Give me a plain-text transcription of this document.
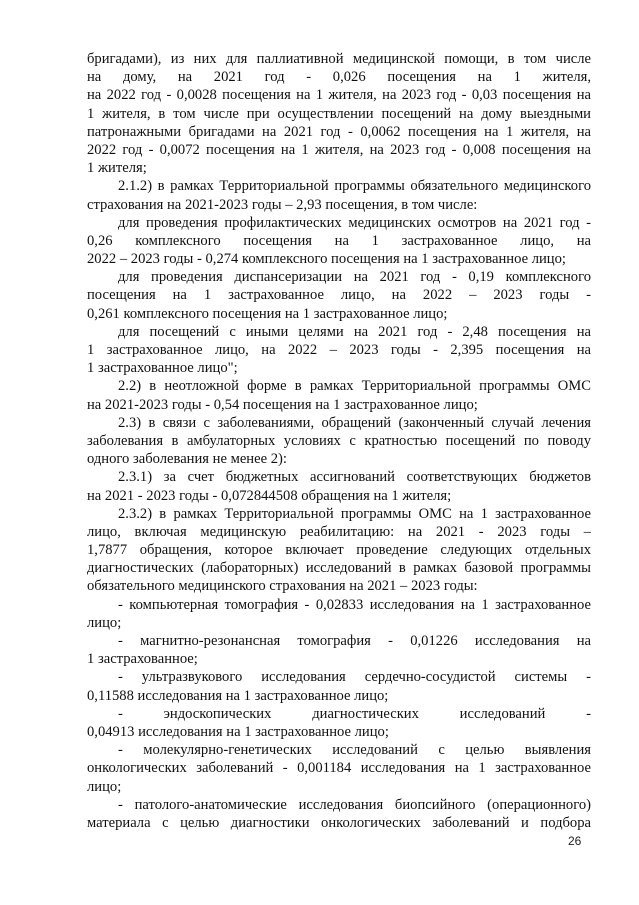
бригадами), из них для паллиативной медицинской помощи, в том числе
на дому, на 2021 год - 0,026 посещения на 1 жителя,
на 2022 год - 0,0028 посещения на 1 жителя, на 2023 год - 0,03 посещения на
1 жителя, в том числе при осуществлении посещений на дому выездными
патронажными бригадами на 2021 год - 0,0062 посещения на 1 жителя, на
2022 год - 0,0072 посещения на 1 жителя, на 2023 год - 0,008 посещения на
1 жителя;
2.1.2) в рамках Территориальной программы обязательного медицинского
страхования на 2021-2023 годы – 2,93 посещения, в том числе:
для проведения профилактических медицинских осмотров на 2021 год -
0,26 комплексного посещения на 1 застрахованное лицо, на
2022 – 2023 годы - 0,274 комплексного посещения на 1 застрахованное лицо;
для проведения диспансеризации на 2021 год - 0,19 комплексного
посещения на 1 застрахованное лицо, на 2022 – 2023 годы -
0,261 комплексного посещения на 1 застрахованное лицо;
для посещений с иными целями на 2021 год - 2,48 посещения на
1 застрахованное лицо, на 2022 – 2023 годы - 2,395 посещения на
1 застрахованное лицо";
2.2) в неотложной форме в рамках Территориальной программы ОМС
на 2021-2023 годы - 0,54 посещения на 1 застрахованное лицо;
2.3) в связи с заболеваниями, обращений (законченный случай лечения
заболевания в амбулаторных условиях с кратностью посещений по поводу
одного заболевания не менее 2):
2.3.1) за счет бюджетных ассигнований соответствующих бюджетов
на 2021 - 2023 годы - 0,072844508 обращения на 1 жителя;
2.3.2) в рамках Территориальной программы ОМС на 1 застрахованное
лицо, включая медицинскую реабилитацию: на 2021 - 2023 годы –
1,7877 обращения, которое включает проведение следующих отдельных
диагностических (лабораторных) исследований в рамках базовой программы
обязательного медицинского страхования на 2021 – 2023 годы:
- компьютерная томография - 0,02833 исследования на 1 застрахованное
лицо;
- магнитно-резонансная томография - 0,01226 исследования на
1 застрахованное;
- ультразвукового исследования сердечно-сосудистой системы -
0,11588 исследования на 1 застрахованное лицо;
- эндоскопических диагностических исследований -
0,04913 исследования на 1 застрахованное лицо;
- молекулярно-генетических исследований с целью выявления
онкологических заболеваний - 0,001184 исследования на 1 застрахованное
лицо;
- патолого-анатомические исследования биопсийного (операционного)
материала с целью диагностики онкологических заболеваний и подбора
26
